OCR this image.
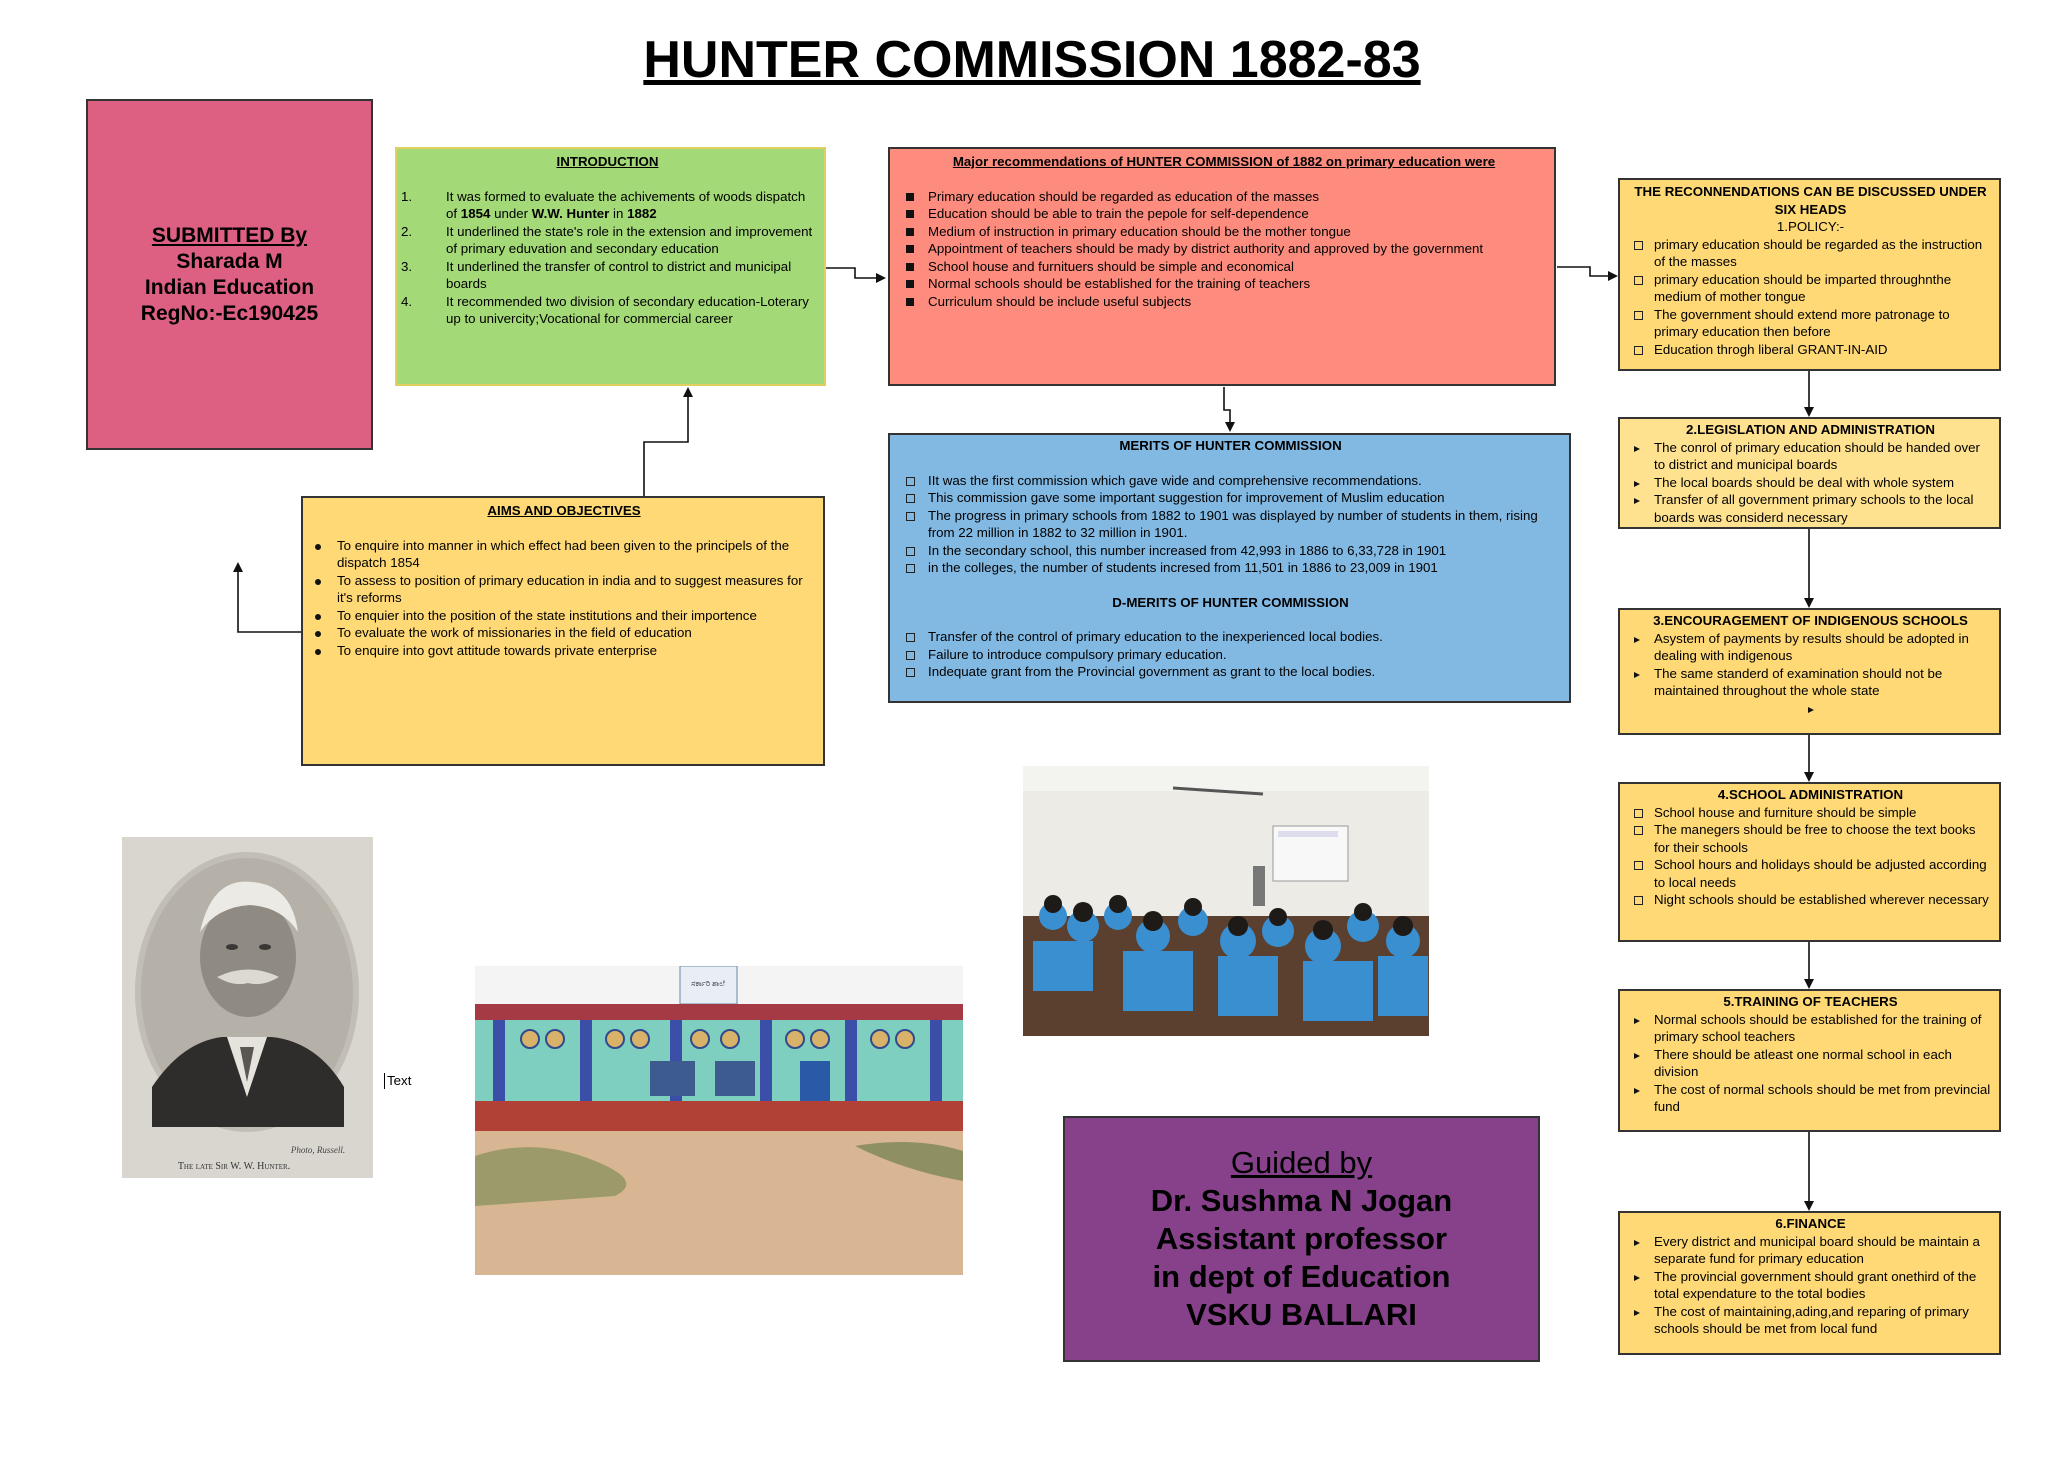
HUNTER COMMISSION 1882-83
SUBMITTED By
Sharada M
Indian Education
RegNo:-Ec190425
INTRODUCTION
1.	It was formed to evaluate the achivements of woods dispatch of 1854 under W.W. Hunter in 1882
2.	It underlined the state's role in the extension and improvement of primary eduvation and secondary education
3.	It underlined the transfer of control to district and municipal boards
4.	It recommended two division of secondary education-Loterary up to univercity;Vocational for commercial career
Major recommendations of HUNTER COMMISSION of 1882 on primary education were
Primary education should be regarded as education of the masses
Education should be able to train the pepole for self-dependence
Medium of instruction in primary education should be the mother tongue
Appointment of teachers should be mady by district authority and approved by the government
School house and furnituers should be simple and economical
Normal schools should be established for the training of teachers
Curriculum should be include useful subjects
AIMS AND OBJECTIVES
To enquire into manner in which effect had been given to the principels of the dispatch 1854
To assess to position of primary education in india and to suggest measures for it's reforms
To enquier into the position of the state institutions and their importence
To evaluate the work of missionaries in the field of education
To enquire into govt attitude towards private enterprise
MERITS OF HUNTER COMMISSION
IIt was the first commission which gave wide and comprehensive recommendations.
This commission gave some important suggestion for improvement of Muslim education
The progress in primary schools from 1882 to 1901 was displayed by number of students in them, rising from 22 million in 1882 to 32 million in 1901.
In the secondary school, this number increased from 42,993 in 1886 to 6,33,728 in 1901
in the colleges, the number of students incresed from 11,501 in 1886 to 23,009 in 1901
D-MERITS OF HUNTER COMMISSION
Transfer of the control of primary education to the inexperienced local bodies.
Failure to introduce compulsory primary education.
Indequate grant from the Provincial government as grant to the local bodies.
THE RECONNENDATIONS CAN BE DISCUSSED UNDER SIX HEADS
1.POLICY:-
primary education should be regarded as the instruction of the masses
primary education should be imparted throughnthe medium of mother tongue
The government should extend more patronage to primary education then before
Education throgh liberal GRANT-IN-AID
2.LEGISLATION AND ADMINISTRATION
The conrol of primary education should be handed over to district and municipal boards
The local boards should be deal with whole system
Transfer of all government primary schools to the local boards was considerd necessary
3.ENCOURAGEMENT OF INDIGENOUS SCHOOLS
Asystem of payments by results should be adopted in dealing with indigenous
The same standerd of examination should not be maintained throughout the whole state
4.SCHOOL ADMINISTRATION
School house and furniture should be simple
The manegers should be free to choose the text books for their schools
School hours and holidays should be adjusted according to local needs
Night schools should be established wherever necessary
5.TRAINING OF TEACHERS
Normal schools should be established for the training of primary school teachers
There should be atleast one normal school in each division
The cost of normal schools should be met from previncial fund
6.FINANCE
Every district and municipal board should be maintain a separate fund for primary education
The provincial government should grant onethird of the total expendature to the total bodies
The cost of maintaining,ading,and reparing of primary schools should be met from local fund
Photo, Russell.
The late Sir W. W. Hunter.
Text
ಸರ್ಕಾರಿ ಶಾಲೆ
Guided by
Dr. Sushma N Jogan
Assistant professor
in dept of Education
VSKU BALLARI
